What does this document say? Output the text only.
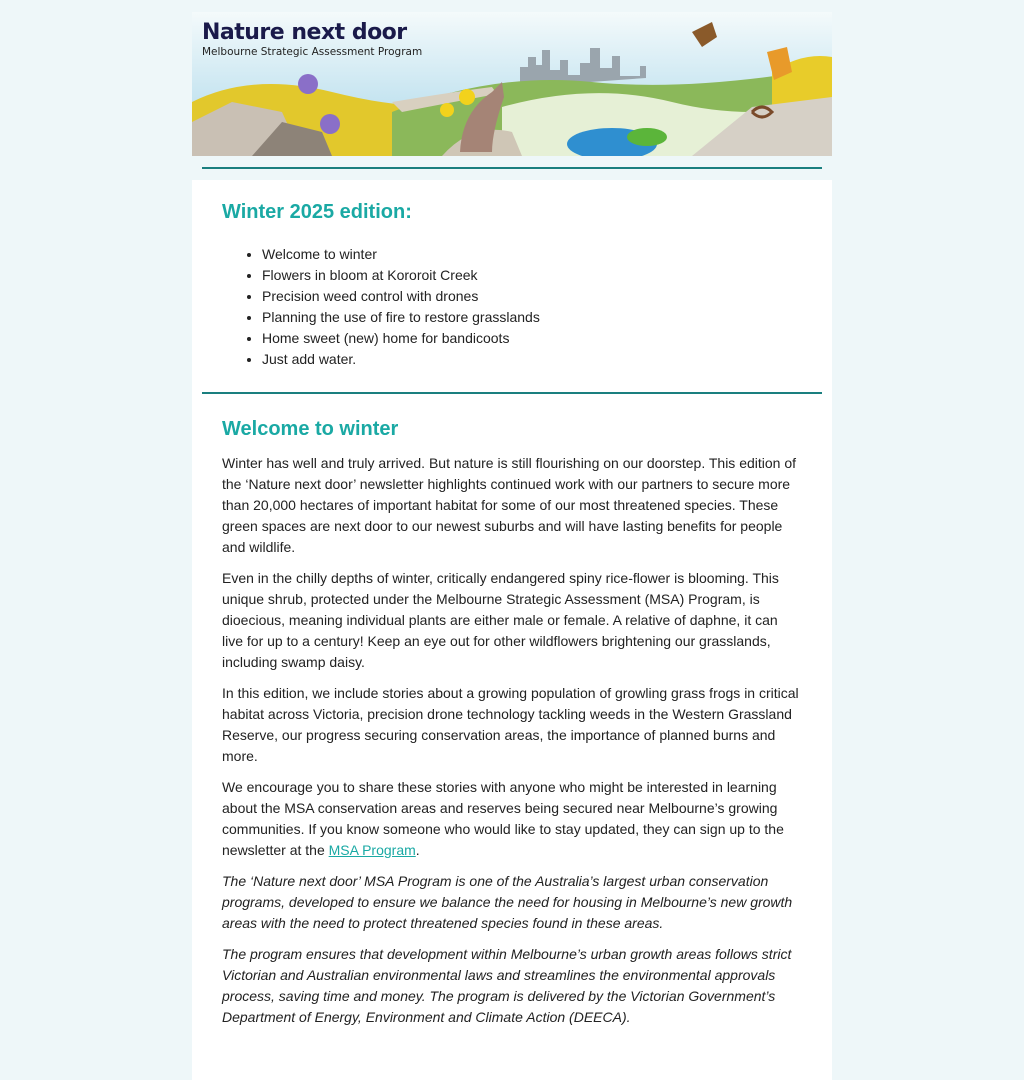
Nature next door
Melbourne Strategic Assessment Program
Winter 2025 edition:
• Welcome to winter
• Flowers in bloom at Kororoit Creek
• Precision weed control with drones
• Planning the use of fire to restore grasslands
• Home sweet (new) home for bandicoots
• Just add water.
Welcome to winter

Winter has well and truly arrived. But nature is still flourishing on our doorstep. This edition of the ‘Nature next door’ newsletter highlights continued work with our partners to secure more than 20,000 hectares of important habitat for some of our most threatened species. These green spaces are next door to our newest suburbs and will have lasting benefits for people and wildlife.

Even in the chilly depths of winter, critically endangered spiny rice-flower is blooming. This unique shrub, protected under the Melbourne Strategic Assessment (MSA) Program, is dioecious, meaning individual plants are either male or female. A relative of daphne, it can live for up to a century! Keep an eye out for other wildflowers brightening our grasslands, including swamp daisy.

In this edition, we include stories about a growing population of growling grass frogs in critical habitat across Victoria, precision drone technology tackling weeds in the Western Grassland Reserve, our progress securing conservation areas, the importance of planned burns and more.

We encourage you to share these stories with anyone who might be interested in learning about the MSA conservation areas and reserves being secured near Melbourne’s growing communities. If you know someone who would like to stay updated, they can sign up to the newsletter at the MSA Program.

The ‘Nature next door’ MSA Program is one of the Australia’s largest urban conservation programs, developed to ensure we balance the need for housing in Melbourne’s new growth areas with the need to protect threatened species found in these areas.

The program ensures that development within Melbourne’s urban growth areas follows strict Victorian and Australian environmental laws and streamlines the environmental approvals process, saving time and money. The program is delivered by the Victorian Government’s Department of Energy, Environment and Climate Action (DEECA).
